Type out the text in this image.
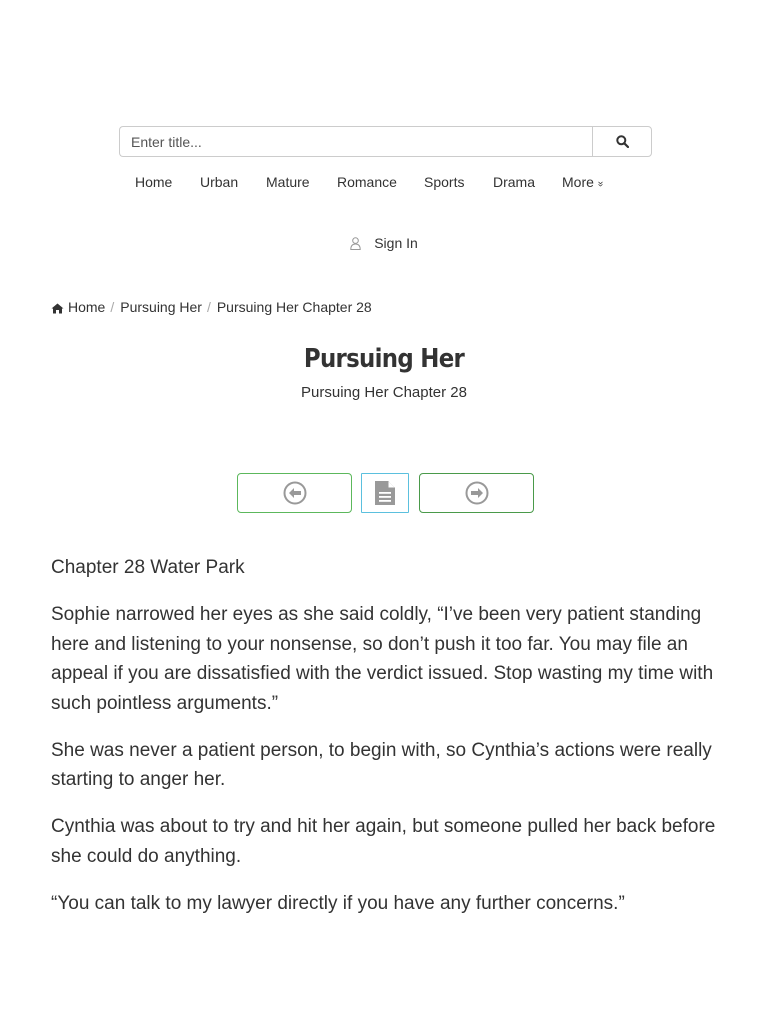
Enter title...
Home Urban Mature Romance Sports Drama More»
Sign In
Home / Pursuing Her / Pursuing Her Chapter 28
Pursuing Her
Pursuing Her Chapter 28

Chapter 28 Water Park

Sophie narrowed her eyes as she said coldly, “I’ve been very patient standing here and listening to your nonsense, so don’t push it too far. You may file an appeal if you are dissatisfied with the verdict issued. Stop wasting my time with such pointless arguments.”

She was never a patient person, to begin with, so Cynthia’s actions were really starting to anger her.

Cynthia was about to try and hit her again, but someone pulled her back before she could do anything.

“You can talk to my lawyer directly if you have any further concerns.”
